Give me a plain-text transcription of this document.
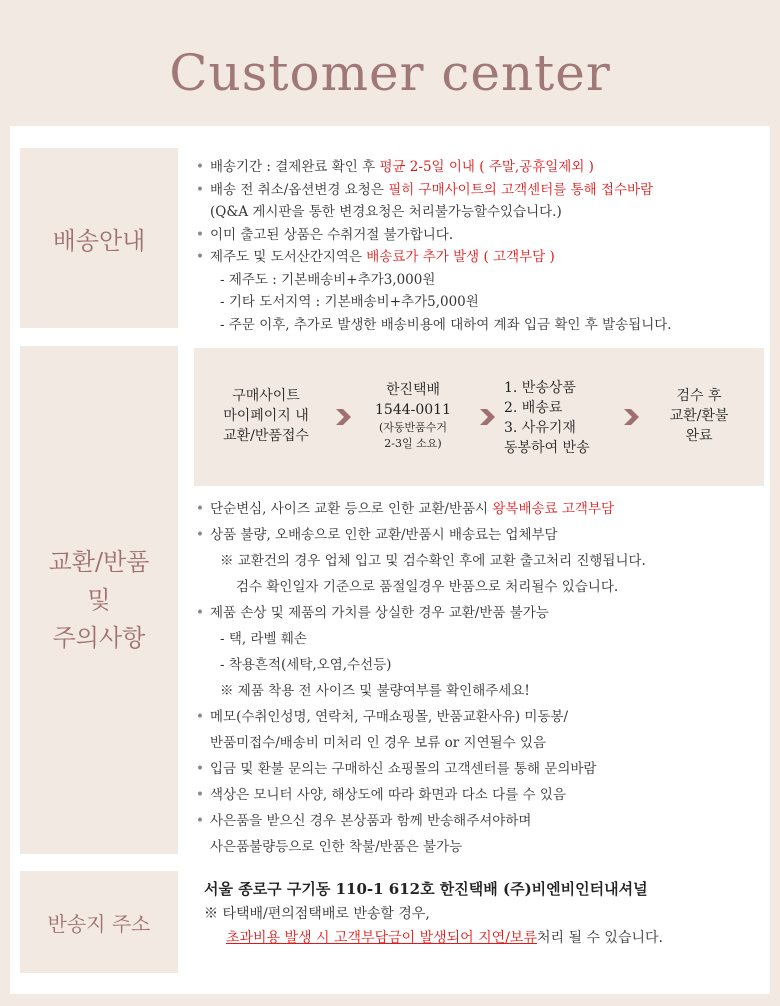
Customer center
배송안내
• 배송기간 : 결제완료 확인 후 평균 2-5일 이내 ( 주말,공휴일제외 )
• 배송 전 취소/옵션변경 요청은 필히 구매사이트의 고객센터를 통해 접수바람
(Q&A 게시판을 통한 변경요청은 처리불가능할수있습니다.)
• 이미 출고된 상품은 수취거절 불가합니다.
• 제주도 및 도서산간지역은 배송료가 추가 발생 ( 고객부담 )
- 제주도 : 기본배송비+추가3,000원
- 기타 도서지역 : 기본배송비+추가5,000원
- 주문 이후, 추가로 발생한 배송비용에 대하여 계좌 입금 확인 후 발송됩니다.
교환/반품
및
주의사항
구매사이트
마이페이지 내
교환/반품접수
한진택배
1544-0011
(자동반품수거
2-3일 소요)
1. 반송상품
2. 배송료
3. 사유기재
동봉하여 반송
검수 후
교환/환불
완료
• 단순변심, 사이즈 교환 등으로 인한 교환/반품시 왕복배송료 고객부담
• 상품 불량, 오배송으로 인한 교환/반품시 배송료는 업체부담
※ 교환건의 경우 업체 입고 및 검수확인 후에 교환 출고처리 진행됩니다.
검수 확인일자 기준으로 품절일경우 반품으로 처리될수 있습니다.
• 제품 손상 및 제품의 가치를 상실한 경우 교환/반품 불가능
- 택, 라벨 훼손
- 착용흔적(세탁,오염,수선등)
※ 제품 착용 전 사이즈 및 불량여부를 확인해주세요!
• 메모(수취인성명, 연락처, 구매쇼핑몰, 반품교환사유) 미동봉/
반품미접수/배송비 미처리 인 경우 보류 or 지연될수 있음
• 입금 및 환불 문의는 구매하신 쇼핑몰의 고객센터를 통해 문의바람
• 색상은 모니터 사양, 해상도에 따라 화면과 다소 다를 수 있음
• 사은품을 받으신 경우 본상품과 함께 반송해주셔야하며
사은품불량등으로 인한 착불/반품은 불가능
반송지 주소
서울 종로구 구기동 110-1 612호 한진택배 (주)비엔비인터내셔널
※ 타택배/편의점택배로 반송할 경우,
초과비용 발생 시 고객부담금이 발생되어 지연/보류처리 될 수 있습니다.
